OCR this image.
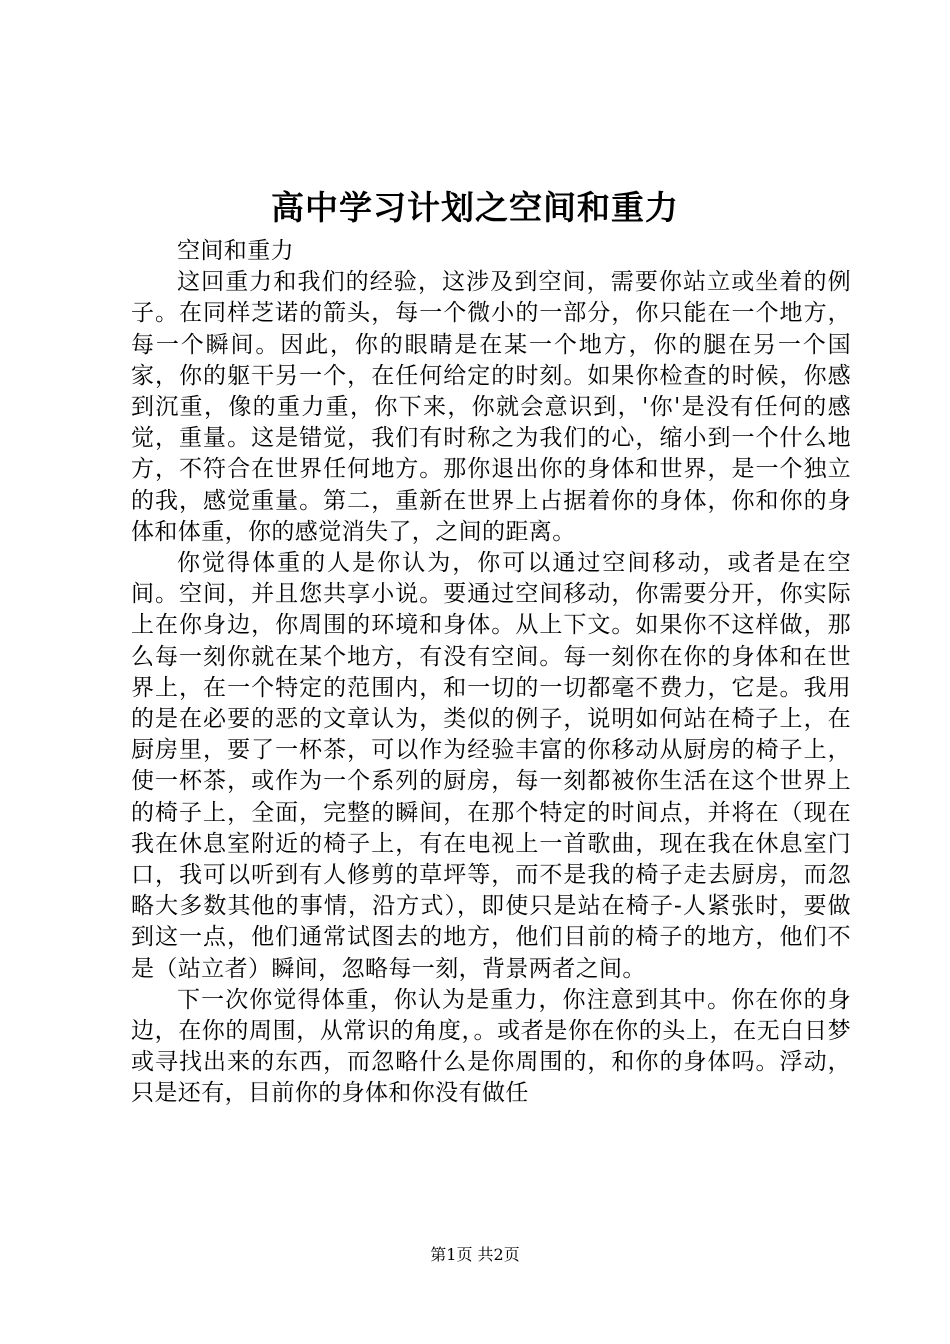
高中学习计划之空间和重力

空间和重力

这回重力和我们的经验，这涉及到空间，需要你站立或坐着的例子。在同样芝诺的箭头，每一个微小的一部分，你只能在一个地方，每一个瞬间。因此，你的眼睛是在某一个地方，你的腿在另一个国家，你的躯干另一个，在任何给定的时刻。如果你检查的时候，你感到沉重，像的重力重，你下来，你就会意识到，'你'是没有任何的感觉，重量。这是错觉，我们有时称之为我们的心，缩小到一个什么地方，不符合在世界任何地方。那你退出你的身体和世界，是一个独立的我，感觉重量。第二，重新在世界上占据着你的身体，你和你的身体和体重，你的感觉消失了，之间的距离。

你觉得体重的人是你认为，你可以通过空间移动，或者是在空间。空间，并且您共享小说。要通过空间移动，你需要分开，你实际上在你身边，你周围的环境和身体。从上下文。如果你不这样做，那么每一刻你就在某个地方，有没有空间。每一刻你在你的身体和在世界上，在一个特定的范围内，和一切的一切都毫不费力，它是。我用的是在必要的恶的文章认为，类似的例子，说明如何站在椅子上，在厨房里，要了一杯茶，可以作为经验丰富的你移动从厨房的椅子上，使一杯茶，或作为一个系列的厨房，每一刻都被你生活在这个世界上的椅子上，全面，完整的瞬间，在那个特定的时间点，并将在（现在我在休息室附近的椅子上，有在电视上一首歌曲，现在我在休息室门口，我可以听到有人修剪的草坪等，而不是我的椅子走去厨房，而忽略大多数其他的事情，沿方式），即使只是站在椅子-人紧张时，要做到这一点，他们通常试图去的地方，他们目前的椅子的地方，他们不是（站立者）瞬间，忽略每一刻，背景两者之间。

下一次你觉得体重，你认为是重力，你注意到其中。你在你的身边，在你的周围，从常识的角度，。或者是你在你的头上，在无白日梦或寻找出来的东西，而忽略什么是你周围的，和你的身体吗。浮动，只是还有，目前你的身体和你没有做任

第1页 共2页
